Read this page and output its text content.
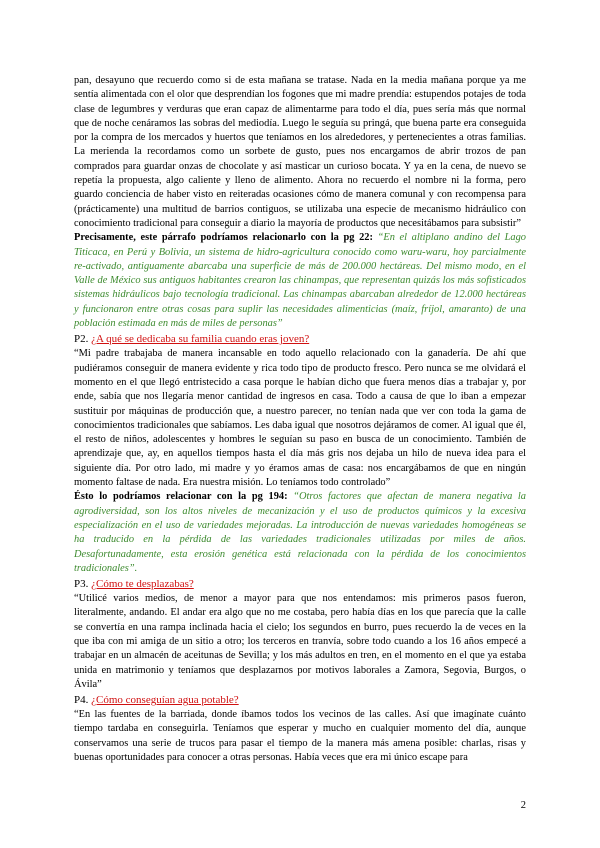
pan, desayuno que recuerdo como si de esta mañana se tratase. Nada en la media mañana porque ya me sentía alimentada con el olor que desprendían los fogones que mi madre prendía: estupendos potajes de toda clase de legumbres y verduras que eran capaz de alimentarme para todo el día, pues sería más que normal que de noche cenáramos las sobras del mediodía. Luego le seguía su pringá, que buena parte era conseguida por la compra de los mercados y huertos que teníamos en los alrededores, y pertenecientes a otras familias. La merienda la recordamos como un sorbete de gusto, pues nos encargamos de abrir trozos de pan comprados para guardar onzas de chocolate y así masticar un curioso bocata. Y ya en la cena, de nuevo se repetía la propuesta, algo caliente y lleno de alimento. Ahora no recuerdo el nombre ni la forma, pero guardo conciencia de haber visto en reiteradas ocasiones cómo de manera comunal y con recompensa para (prácticamente) una multitud de barrios contiguos, se utilizaba una especie de mecanismo hidráulico con conocimiento tradicional para conseguir a diario la mayoría de productos que necesitábamos para subsistir”

Precisamente, este párrafo podríamos relacionarlo con la pg 22: “En el altiplano andino del Lago Titicaca, en Perú y Bolivia, un sistema de hidro-agricultura conocido como waru-waru, hoy parcialmente re-activado, antiguamente abarcaba una superficie de más de 200.000 hectáreas. Del mismo modo, en el Valle de México sus antiguos habitantes crearon las chinampas, que representan quizás los más sofisticados sistemas hidráulicos bajo tecnología tradicional. Las chinampas abarcaban alrededor de 12.000 hectáreas y funcionaron entre otras cosas para suplir las necesidades alimenticias (maíz, fríjol, amaranto) de una población estimada en más de miles de personas”

P2. ¿A qué se dedicaba su familia cuando eras joven?

“Mi padre trabajaba de manera incansable en todo aquello relacionado con la ganadería. De ahí que pudiéramos conseguir de manera evidente y rica todo tipo de producto fresco. Pero nunca se me olvidará el momento en el que llegó entristecido a casa porque le habían dicho que fuera menos días a trabajar y, por ende, sabía que nos llegaría menor cantidad de ingresos en casa. Todo a causa de que lo iban a empezar sustituir por máquinas de producción que, a nuestro parecer, no tenían nada que ver con toda la gama de conocimientos tradicionales que sabíamos. Les daba igual que nosotros dejáramos de comer. Al igual que él, el resto de niños, adolescentes y hombres le seguían su paso en busca de un conocimiento. También de aprendizaje que, ay, en aquellos tiempos hasta el día más gris nos dejaba un hilo de nueva idea para el siguiente día. Por otro lado, mi madre y yo éramos amas de casa: nos encargábamos de que en ningún momento faltase de nada. Era nuestra misión. Lo teníamos todo controlado”

Ésto lo podríamos relacionar con la pg 194: “Otros factores que afectan de manera negativa la agrodiversidad, son los altos niveles de mecanización y el uso de productos químicos y la excesiva especialización en el uso de variedades mejoradas. La introducción de nuevas variedades homogéneas se ha traducido en la pérdida de las variedades tradicionales utilizadas por miles de años. Desafortunadamente, esta erosión genética está relacionada con la pérdida de los conocimientos tradicionales”.

P3. ¿Cómo te desplazabas?

“Utilicé varios medios, de menor a mayor para que nos entendamos: mis primeros pasos fueron, literalmente, andando. El andar era algo que no me costaba, pero había días en los que parecía que la calle se convertía en una rampa inclinada hacia el cielo; los segundos en burro, pues recuerdo la de veces en la que iba con mi amiga de un sitio a otro; los terceros en tranvía, sobre todo cuando a los 16 años empecé a trabajar en un almacén de aceitunas de Sevilla; y los más adultos en tren, en el momento en el que ya estaba unida en matrimonio y teníamos que desplazarnos por motivos laborales a Zamora, Segovia, Burgos, o Ávila”

P4. ¿Cómo conseguían agua potable?

“En las fuentes de la barriada, donde íbamos todos los vecinos de las calles. Así que imagínate cuánto tiempo tardaba en conseguirla. Teníamos que esperar y mucho en cualquier momento del día, aunque conservamos una serie de trucos para pasar el tiempo de la manera más amena posible: charlas, risas y buenas oportunidades para conocer a otras personas. Había veces que era mi único escape para

2
